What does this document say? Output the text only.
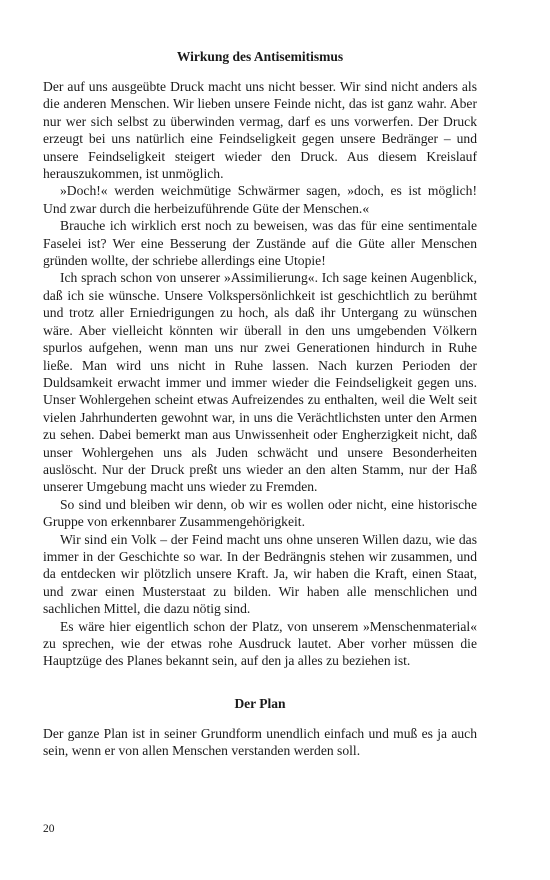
Wirkung des Antisemitismus

Der auf uns ausgeübte Druck macht uns nicht besser. Wir sind nicht anders als die anderen Menschen. Wir lieben unsere Feinde nicht, das ist ganz wahr. Aber nur wer sich selbst zu überwinden vermag, darf es uns vorwerfen. Der Druck erzeugt bei uns natürlich eine Feindseligkeit gegen unsere Bedränger – und unsere Feindseligkeit steigert wieder den Druck. Aus diesem Kreislauf herauszukommen, ist unmöglich.

»Doch!« werden weichmütige Schwärmer sagen, »doch, es ist möglich! Und zwar durch die herbeizuführende Güte der Menschen.«

Brauche ich wirklich erst noch zu beweisen, was das für eine sentimentale Faselei ist? Wer eine Besserung der Zustände auf die Güte aller Menschen gründen wollte, der schriebe allerdings eine Utopie!

Ich sprach schon von unserer »Assimilierung«. Ich sage keinen Augenblick, daß ich sie wünsche. Unsere Volkspersönlichkeit ist geschichtlich zu berühmt und trotz aller Erniedrigungen zu hoch, als daß ihr Untergang zu wünschen wäre. Aber vielleicht könnten wir überall in den uns umgebenden Völkern spurlos aufgehen, wenn man uns nur zwei Generationen hindurch in Ruhe ließe. Man wird uns nicht in Ruhe lassen. Nach kurzen Perioden der Duldsamkeit erwacht immer und immer wieder die Feindseligkeit gegen uns. Unser Wohlergehen scheint etwas Aufreizendes zu enthalten, weil die Welt seit vielen Jahrhunderten gewohnt war, in uns die Verächtlichsten unter den Armen zu sehen. Dabei bemerkt man aus Unwissenheit oder Engherzigkeit nicht, daß unser Wohlergehen uns als Juden schwächt und unsere Besonderheiten auslöscht. Nur der Druck preßt uns wieder an den alten Stamm, nur der Haß unserer Umgebung macht uns wieder zu Fremden.

So sind und bleiben wir denn, ob wir es wollen oder nicht, eine historische Gruppe von erkennbarer Zusammengehörigkeit.

Wir sind ein Volk – der Feind macht uns ohne unseren Willen dazu, wie das immer in der Geschichte so war. In der Bedrängnis stehen wir zusammen, und da entdecken wir plötzlich unsere Kraft. Ja, wir haben die Kraft, einen Staat, und zwar einen Musterstaat zu bilden. Wir haben alle menschlichen und sachlichen Mittel, die dazu nötig sind.

Es wäre hier eigentlich schon der Platz, von unserem »Menschenmaterial« zu sprechen, wie der etwas rohe Ausdruck lautet. Aber vorher müssen die Hauptzüge des Planes bekannt sein, auf den ja alles zu beziehen ist.

Der Plan

Der ganze Plan ist in seiner Grundform unendlich einfach und muß es ja auch sein, wenn er von allen Menschen verstanden werden soll.

20
